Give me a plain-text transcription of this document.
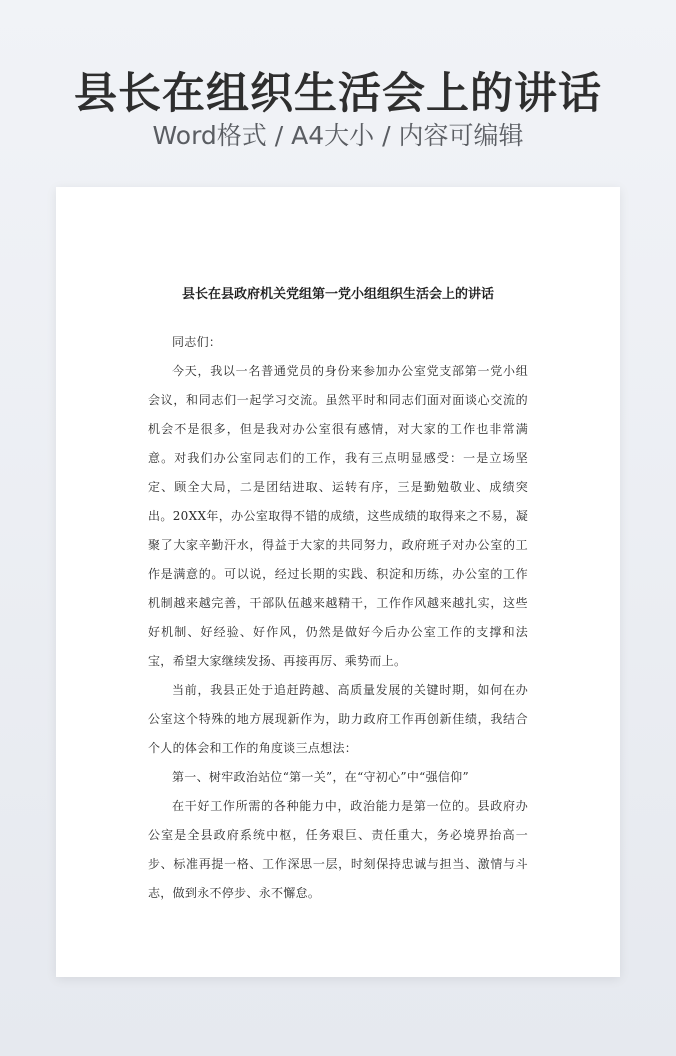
县长在组织生活会上的讲话
Word格式 / A4大小 / 内容可编辑
县长在县政府机关党组第一党小组组织生活会上的讲话

同志们：

今天，我以一名普通党员的身份来参加办公室党支部第一党小组会议，和同志们一起学习交流。虽然平时和同志们面对面谈心交流的机会不是很多，但是我对办公室很有感情，对大家的工作也非常满意。对我们办公室同志们的工作，我有三点明显感受：一是立场坚定、顾全大局，二是团结进取、运转有序，三是勤勉敬业、成绩突出。20XX年，办公室取得不错的成绩，这些成绩的取得来之不易，凝聚了大家辛勤汗水，得益于大家的共同努力，政府班子对办公室的工作是满意的。可以说，经过长期的实践、积淀和历练，办公室的工作机制越来越完善，干部队伍越来越精干，工作作风越来越扎实，这些好机制、好经验、好作风，仍然是做好今后办公室工作的支撑和法宝，希望大家继续发扬、再接再厉、乘势而上。

当前，我县正处于追赶跨越、高质量发展的关键时期，如何在办公室这个特殊的地方展现新作为，助力政府工作再创新佳绩，我结合个人的体会和工作的角度谈三点想法：

第一、树牢政治站位“第一关”，在“守初心”中“强信仰”

在干好工作所需的各种能力中，政治能力是第一位的。县政府办公室是全县政府系统中枢，任务艰巨、责任重大，务必境界抬高一步、标准再提一格、工作深思一层，时刻保持忠诚与担当、激情与斗志，做到永不停步、永不懈怠。
